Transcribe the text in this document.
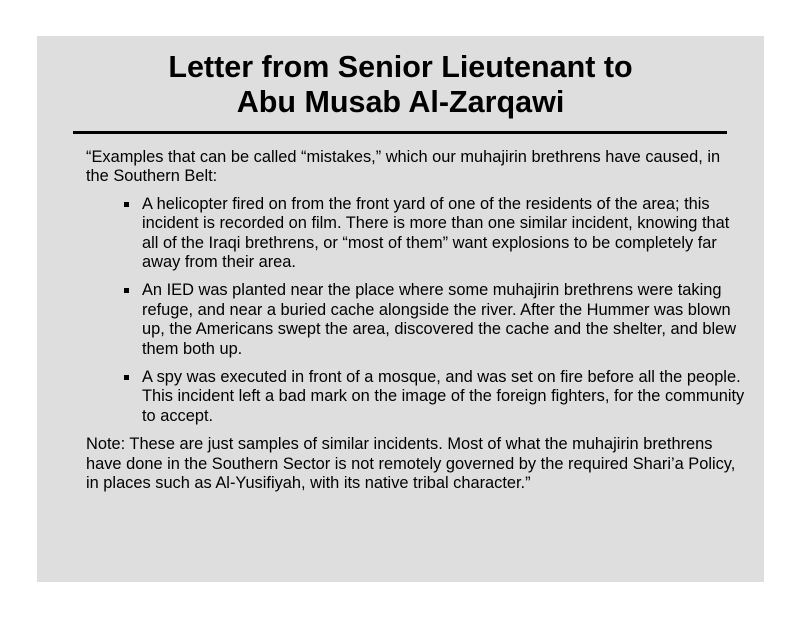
Letter from Senior Lieutenant to
Abu Musab Al-Zarqawi

“Examples that can be called “mistakes,” which our muhajirin brethrens have caused, in the Southern Belt:

A helicopter fired on from the front yard of one of the residents of the area; this incident is recorded on film. There is more than one similar incident, knowing that all of the Iraqi brethrens, or “most of them” want explosions to be completely far away from their area.
An IED was planted near the place where some muhajirin brethrens were taking refuge, and near a buried cache alongside the river. After the Hummer was blown up, the Americans swept the area, discovered the cache and the shelter, and blew them both up.
A spy was executed in front of a mosque, and was set on fire before all the people. This incident left a bad mark on the image of the foreign fighters, for the community to accept.

Note: These are just samples of similar incidents. Most of what the muhajirin brethrens have done in the Southern Sector is not remotely governed by the required Shari’a Policy, in places such as Al-Yusifiyah, with its native tribal character.”
